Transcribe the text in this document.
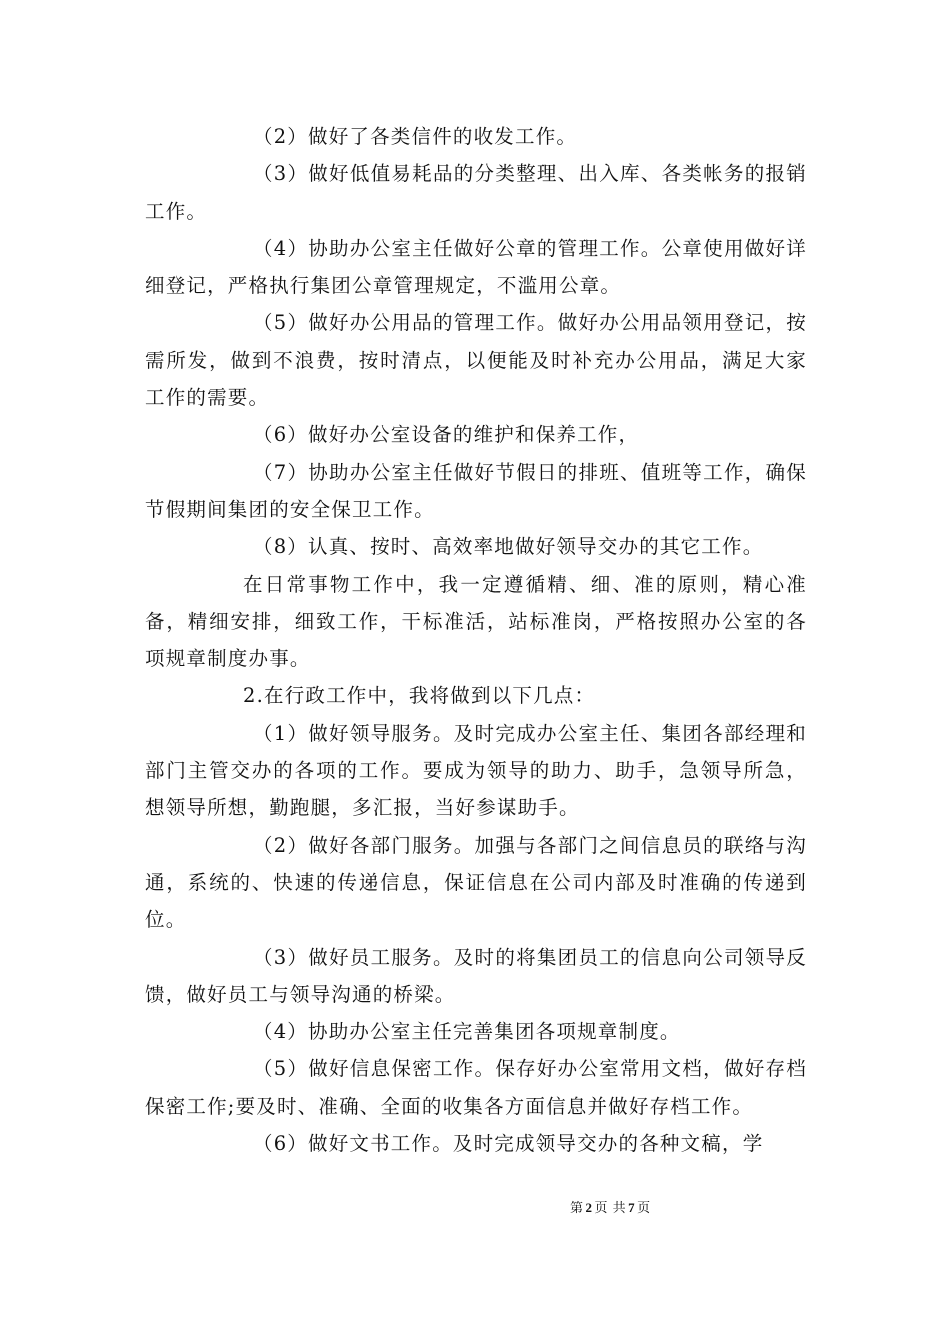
（2）做好了各类信件的收发工作。

（3）做好低值易耗品的分类整理、出入库、各类帐务的报销工作。

（4）协助办公室主任做好公章的管理工作。公章使用做好详细登记，严格执行集团公章管理规定，不滥用公章。

（5）做好办公用品的管理工作。做好办公用品领用登记，按需所发，做到不浪费，按时清点，以便能及时补充办公用品，满足大家工作的需要。

（6）做好办公室设备的维护和保养工作，

（7）协助办公室主任做好节假日的排班、值班等工作，确保节假期间集团的安全保卫工作。

（8）认真、按时、高效率地做好领导交办的其它工作。

在日常事物工作中，我一定遵循精、细、准的原则，精心准备，精细安排，细致工作，干标准活，站标准岗，严格按照办公室的各项规章制度办事。

2.在行政工作中，我将做到以下几点：

（1）做好领导服务。及时完成办公室主任、集团各部经理和部门主管交办的各项的工作。要成为领导的助力、助手，急领导所急，想领导所想，勤跑腿，多汇报，当好参谋助手。

（2）做好各部门服务。加强与各部门之间信息员的联络与沟通，系统的、快速的传递信息，保证信息在公司内部及时准确的传递到位。

（3）做好员工服务。及时的将集团员工的信息向公司领导反馈，做好员工与领导沟通的桥梁。

（4）协助办公室主任完善集团各项规章制度。

（5）做好信息保密工作。保存好办公室常用文档，做好存档保密工作;要及时、准确、全面的收集各方面信息并做好存档工作。

（6）做好文书工作。及时完成领导交办的各种文稿，学

第 2 页 共 7 页
